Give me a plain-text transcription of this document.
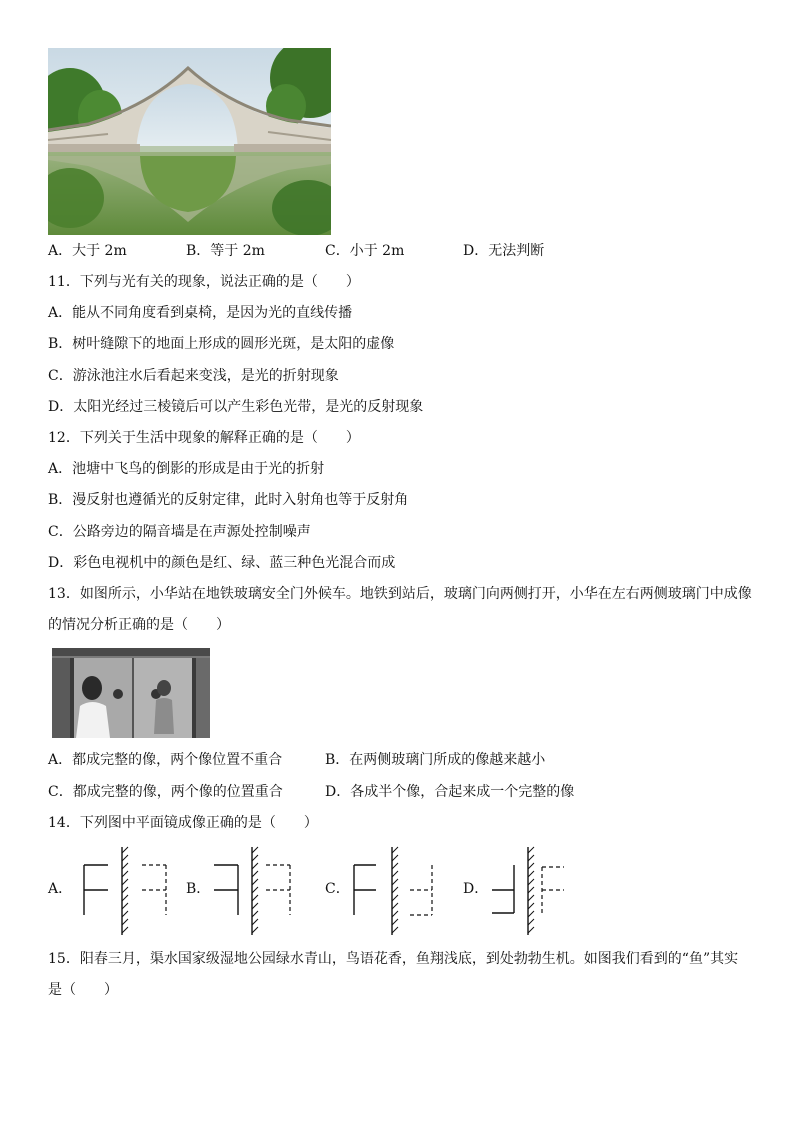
A．大于 2m	B．等于 2m	C．小于 2m	D．无法判断
11．下列与光有关的现象，说法正确的是（　　）
A．能从不同角度看到桌椅，是因为光的直线传播
B．树叶缝隙下的地面上形成的圆形光斑，是太阳的虚像
C．游泳池注水后看起来变浅，是光的折射现象
D．太阳光经过三棱镜后可以产生彩色光带，是光的反射现象
12．下列关于生活中现象的解释正确的是（　　）
A．池塘中飞鸟的倒影的形成是由于光的折射
B．漫反射也遵循光的反射定律，此时入射角也等于反射角
C．公路旁边的隔音墙是在声源处控制噪声
D．彩色电视机中的颜色是红、绿、蓝三种色光混合而成
13．如图所示，小华站在地铁玻璃安全门外候车。地铁到站后，玻璃门向两侧打开，小华在左右两侧玻璃门中成像
的情况分析正确的是（　　）
A．都成完整的像，两个像位置不重合	B．在两侧玻璃门所成的像越来越小
C．都成完整的像，两个像的位置重合	D．各成半个像，合起来成一个完整的像
14．下列图中平面镜成像正确的是（　　）
A．	B．	C．	D．
15．阳春三月，渠水国家级湿地公园绿水青山，鸟语花香，鱼翔浅底，到处勃勃生机。如图我们看到的“鱼”其实
是（　　）
